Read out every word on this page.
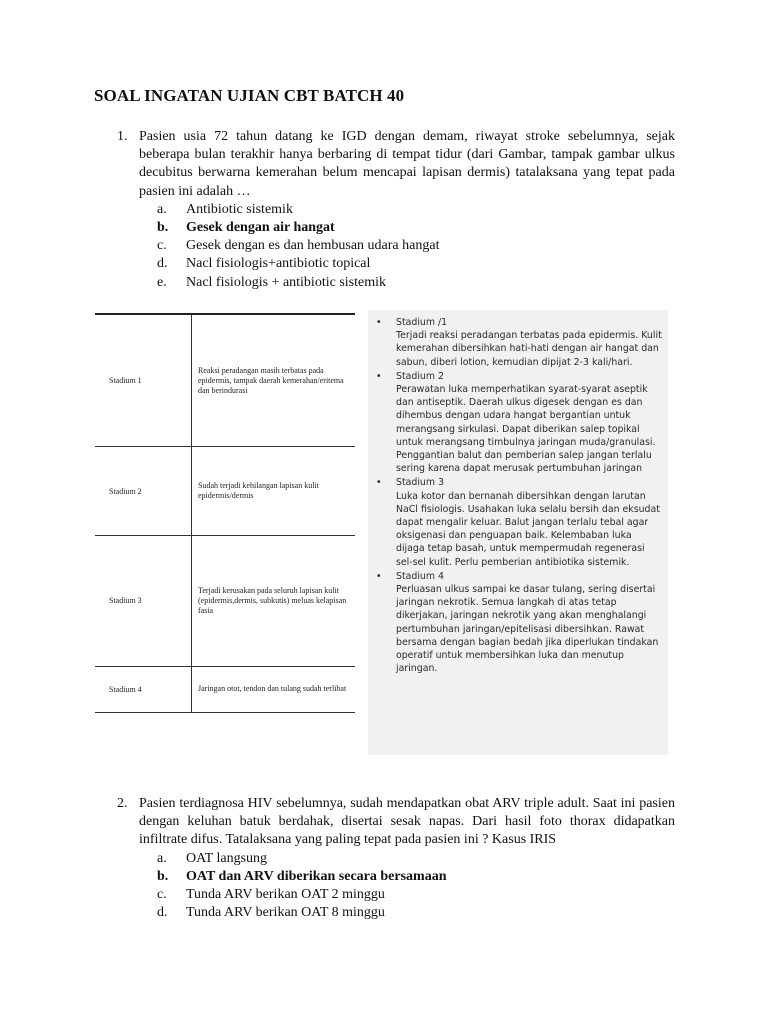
SOAL INGATAN UJIAN CBT BATCH 40
1. Pasien usia 72 tahun datang ke IGD dengan demam, riwayat stroke sebelumnya, sejak beberapa bulan terakhir hanya berbaring di tempat tidur (dari Gambar, tampak gambar ulkus decubitus berwarna kemerahan belum mencapai lapisan dermis) tatalaksana yang tepat pada pasien ini adalah …
a. Antibiotic sistemik
b. Gesek dengan air hangat
c. Gesek dengan es dan hembusan udara hangat
d. Nacl fisiologis+antibiotic topical
e. Nacl fisiologis + antibiotic sistemik
Stadium 1	Reaksi peradangan masih terbatas pada epidermis, tampak daerah kemerahan/eritema dan berindurasi
Stadium 2	Sudah terjadi kehilangan lapisan kulit epidermis/dermis
Stadium 3	Terjadi kerusakan pada seluruh lapisan kulit (epidermis,dermis, subkutis) meluas kelapisan fasia
Stadium 4	Jaringan otot, tendon dan tulang sudah terlibat
• Stadium /1
Terjadi reaksi peradangan terbatas pada epidermis. Kulit kemerahan dibersihkan hati-hati dengan air hangat dan sabun, diberi lotion, kemudian dipijat 2-3 kali/hari.
• Stadium 2
Perawatan luka memperhatikan syarat-syarat aseptik dan antiseptik. Daerah ulkus digesek dengan es dan dihembus dengan udara hangat bergantian untuk merangsang sirkulasi. Dapat diberikan salep topikal untuk merangsang timbulnya jaringan muda/granulasi. Penggantian balut dan pemberian salep jangan terlalu sering karena dapat merusak pertumbuhan jaringan
• Stadium 3
Luka kotor dan bernanah dibersihkan dengan larutan NaCl fisiologis. Usahakan luka selalu bersih dan eksudat dapat mengalir keluar. Balut jangan terlalu tebal agar oksigenasi dan penguapan baik. Kelembaban luka dijaga tetap basah, untuk mempermudah regenerasi sel-sel kulit. Perlu pemberian antibiotika sistemik.
• Stadium 4
Perluasan ulkus sampai ke dasar tulang, sering disertai jaringan nekrotik. Semua langkah di atas tetap dikerjakan, jaringan nekrotik yang akan menghalangi pertumbuhan jaringan/epitelisasi dibersihkan. Rawat bersama dengan bagian bedah jika diperlukan tindakan operatif untuk membersihkan luka dan menutup jaringan.
2. Pasien terdiagnosa HIV sebelumnya, sudah mendapatkan obat ARV triple adult. Saat ini pasien dengan keluhan batuk berdahak, disertai sesak napas. Dari hasil foto thorax didapatkan infiltrate difus. Tatalaksana yang paling tepat pada pasien ini ? Kasus IRIS
a. OAT langsung
b. OAT dan ARV diberikan secara bersamaan
c. Tunda ARV berikan OAT 2 minggu
d. Tunda ARV berikan OAT 8 minggu
